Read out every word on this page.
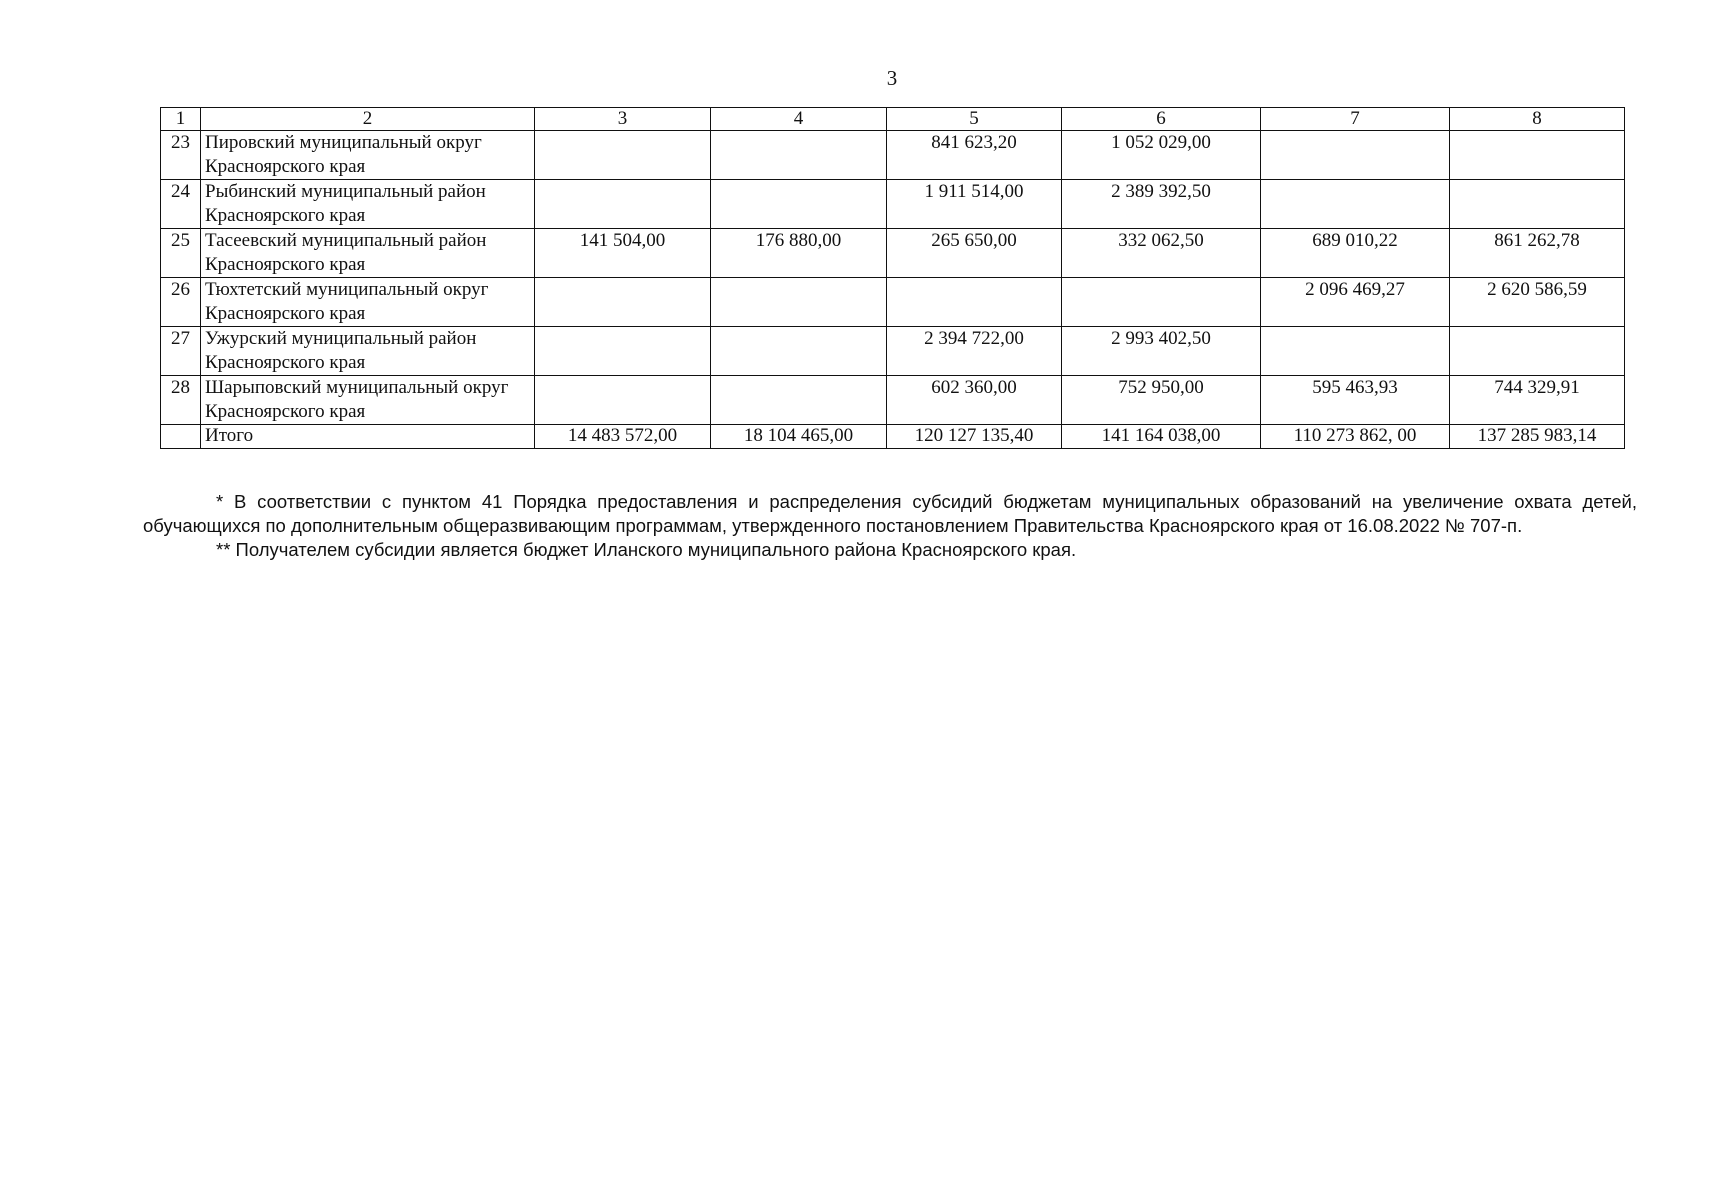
3
1	2	3	4	5	6	7	8
23	Пировский муниципальный округ Красноярского края			841 623,20	1 052 029,00		
24	Рыбинский муниципальный район Красноярского края			1 911 514,00	2 389 392,50		
25	Тасеевский муниципальный район Красноярского края	141 504,00	176 880,00	265 650,00	332 062,50	689 010,22	861 262,78
26	Тюхтетский муниципальный округ Красноярского края					2 096 469,27	2 620 586,59
27	Ужурский муниципальный район Красноярского края			2 394 722,00	2 993 402,50		
28	Шарыповский муниципальный округ Красноярского края			602 360,00	752 950,00	595 463,93	744 329,91
	Итого	14 483 572,00	18 104 465,00	120 127 135,40	141 164 038,00	110 273 862, 00	137 285 983,14

* В соответствии с пунктом 41 Порядка предоставления и распределения субсидий бюджетам муниципальных образований на увеличение охвата детей, обучающихся по дополнительным общеразвивающим программам, утвержденного постановлением Правительства Красноярского края от 16.08.2022 № 707-п.

** Получателем субсидии является бюджет Иланского муниципального района Красноярского края.
